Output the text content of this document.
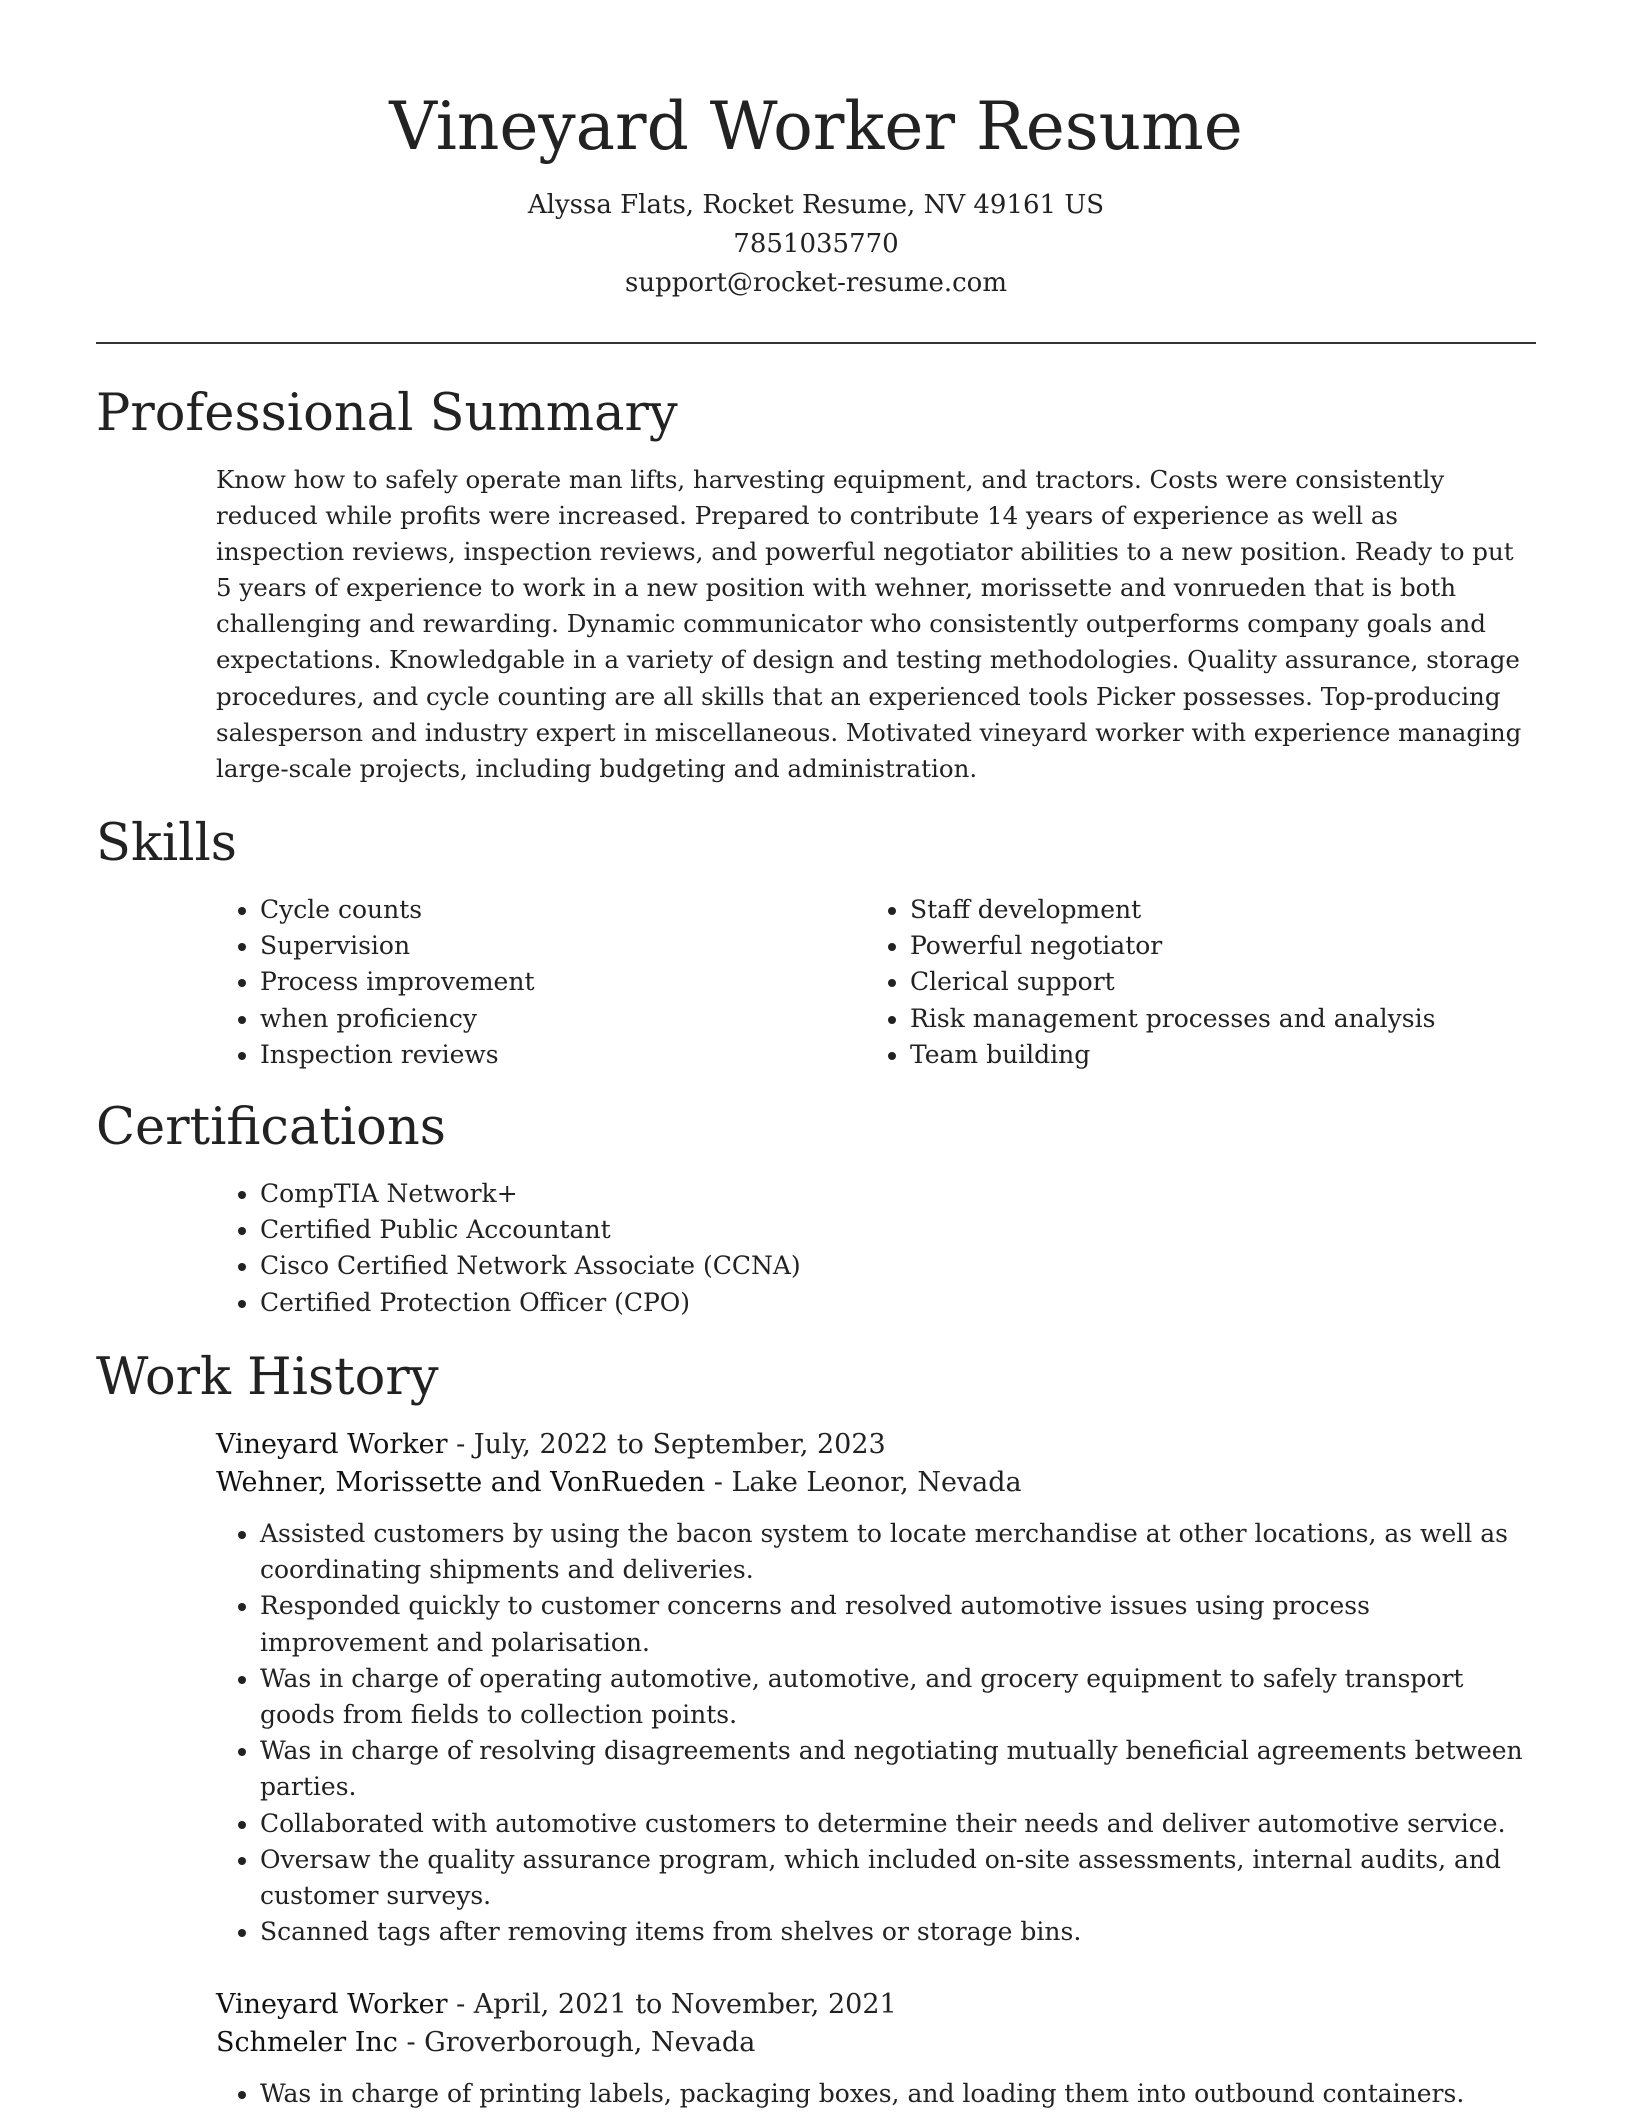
Vineyard Worker Resume

Alyssa Flats, Rocket Resume, NV 49161 US

7851035770

support@rocket-resume.com

Professional Summary

Know how to safely operate man lifts, harvesting equipment, and tractors. Costs were consistently reduced while profits were increased. Prepared to contribute 14 years of experience as well as inspection reviews, inspection reviews, and powerful negotiator abilities to a new position. Ready to put 5 years of experience to work in a new position with wehner, morissette and vonrueden that is both challenging and rewarding. Dynamic communicator who consistently outperforms company goals and expectations. Knowledgable in a variety of design and testing methodologies. Quality assurance, storage procedures, and cycle counting are all skills that an experienced tools Picker possesses. Top-producing salesperson and industry expert in miscellaneous. Motivated vineyard worker with experience managing large-scale projects, including budgeting and administration.

Skills
• Cycle counts
• Supervision
• Process improvement
• when proficiency
• Inspection reviews
• Staff development
• Powerful negotiator
• Clerical support
• Risk management processes and analysis
• Team building
Certifications
• CompTIA Network+
• Certified Public Accountant
• Cisco Certified Network Associate (CCNA)
• Certified Protection Officer (CPO)
Work History

Vineyard Worker - July, 2022 to September, 2023

Wehner, Morissette and VonRueden - Lake Leonor, Nevada

• Assisted customers by using the bacon system to locate merchandise at other locations, as well as coordinating shipments and deliveries.
• Responded quickly to customer concerns and resolved automotive issues using process improvement and polarisation.
• Was in charge of operating automotive, automotive, and grocery equipment to safely transport goods from fields to collection points.
• Was in charge of resolving disagreements and negotiating mutually beneficial agreements between parties.
• Collaborated with automotive customers to determine their needs and deliver automotive service.
• Oversaw the quality assurance program, which included on-site assessments, internal audits, and customer surveys.
• Scanned tags after removing items from shelves or storage bins.

Vineyard Worker - April, 2021 to November, 2021

Schmeler Inc - Groverborough, Nevada

• Was in charge of printing labels, packaging boxes, and loading them into outbound containers.
